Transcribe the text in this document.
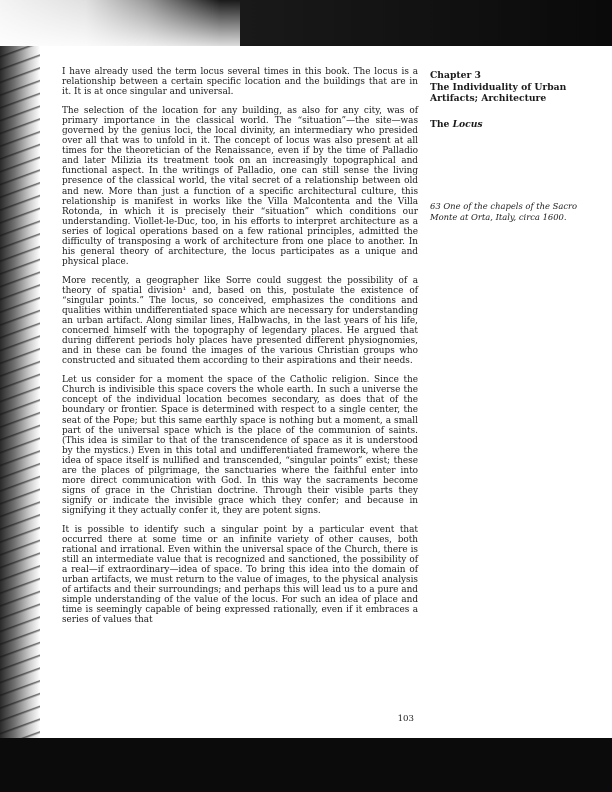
I have already used the term locus several times in this book. The locus is a relationship between a certain specific location and the buildings that are in it. It is at once singular and universal.

The selection of the location for any building, as also for any city, was of primary importance in the classical world. The “situation”—the site—was governed by the genius loci, the local divinity, an intermediary who presided over all that was to unfold in it. The concept of locus was also present at all times for the theoretician of the Renaissance, even if by the time of Palladio and later Milizia its treatment took on an increasingly topographical and functional aspect. In the writings of Palladio, one can still sense the living presence of the classical world, the vital secret of a relationship between old and new. More than just a function of a specific architectural culture, this relationship is manifest in works like the Villa Malcontenta and the Villa Rotonda, in which it is precisely their “situation” which conditions our understanding. Viollet-le-Duc, too, in his efforts to interpret architecture as a series of logical operations based on a few rational principles, admitted the difficulty of transposing a work of architecture from one place to another. In his general theory of architecture, the locus participates as a unique and physical place.

More recently, a geographer like Sorre could suggest the possibility of a theory of spatial division¹ and, based on this, postulate the existence of “singular points.” The locus, so conceived, emphasizes the conditions and qualities within undifferentiated space which are necessary for understanding an urban artifact. Along similar lines, Halbwachs, in the last years of his life, concerned himself with the topography of legendary places. He argued that during different periods holy places have presented different physiognomies, and in these can be found the images of the various Christian groups who constructed and situated them according to their aspirations and their needs.

Let us consider for a moment the space of the Catholic religion. Since the Church is indivisible this space covers the whole earth. In such a universe the concept of the individual location becomes secondary, as does that of the boundary or frontier. Space is determined with respect to a single center, the seat of the Pope; but this same earthly space is nothing but a moment, a small part of the universal space which is the place of the communion of saints. (This idea is similar to that of the transcendence of space as it is understood by the mystics.) Even in this total and undifferentiated framework, where the idea of space itself is nullified and transcended, “singular points” exist; these are the places of pilgrimage, the sanctuaries where the faithful enter into more direct communication with God. In this way the sacraments become signs of grace in the Christian doctrine. Through their visible parts they signify or indicate the invisible grace which they confer; and because in signifying it they actually confer it, they are potent signs.

It is possible to identify such a singular point by a particular event that occurred there at some time or an infinite variety of other causes, both rational and irrational. Even within the universal space of the Church, there is still an intermediate value that is recognized and sanctioned, the possibility of a real—if extraordinary—idea of space. To bring this idea into the domain of urban artifacts, we must return to the value of images, to the physical analysis of artifacts and their surroundings; and perhaps this will lead us to a pure and simple understanding of the value of the locus. For such an idea of place and time is seemingly capable of being expressed rationally, even if it embraces a series of values that

Chapter 3
The Individuality of Urban
Artifacts; Architecture
The Locus

63 One of the chapels of the Sacro Monte at Orta, Italy, circa 1600.

103
